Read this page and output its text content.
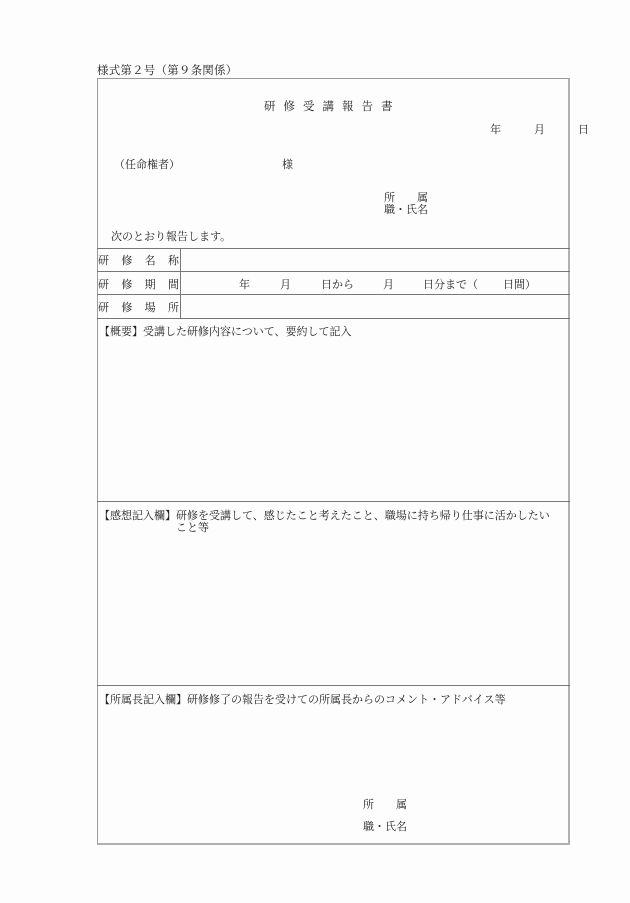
様式第２号（第９条関係）
研修受講報告書
年	月	日
（任命権者）	様
所　　属
職・氏名
次のとおり報告します。
研 修 名 称
研 修 期 間	年	月	日から	月	日分まで（ 日間）
研 修 場 所
【概要】受講した研修内容について、要約して記入
【感想記入欄】 研修を受講して、感じたこと考えたこと、職場に持ち帰り仕事に活かしたい
こと等
【所属長記入欄】研修修了の報告を受けての所属長からのコメント・アドバイス等
所　　属
職・氏名
